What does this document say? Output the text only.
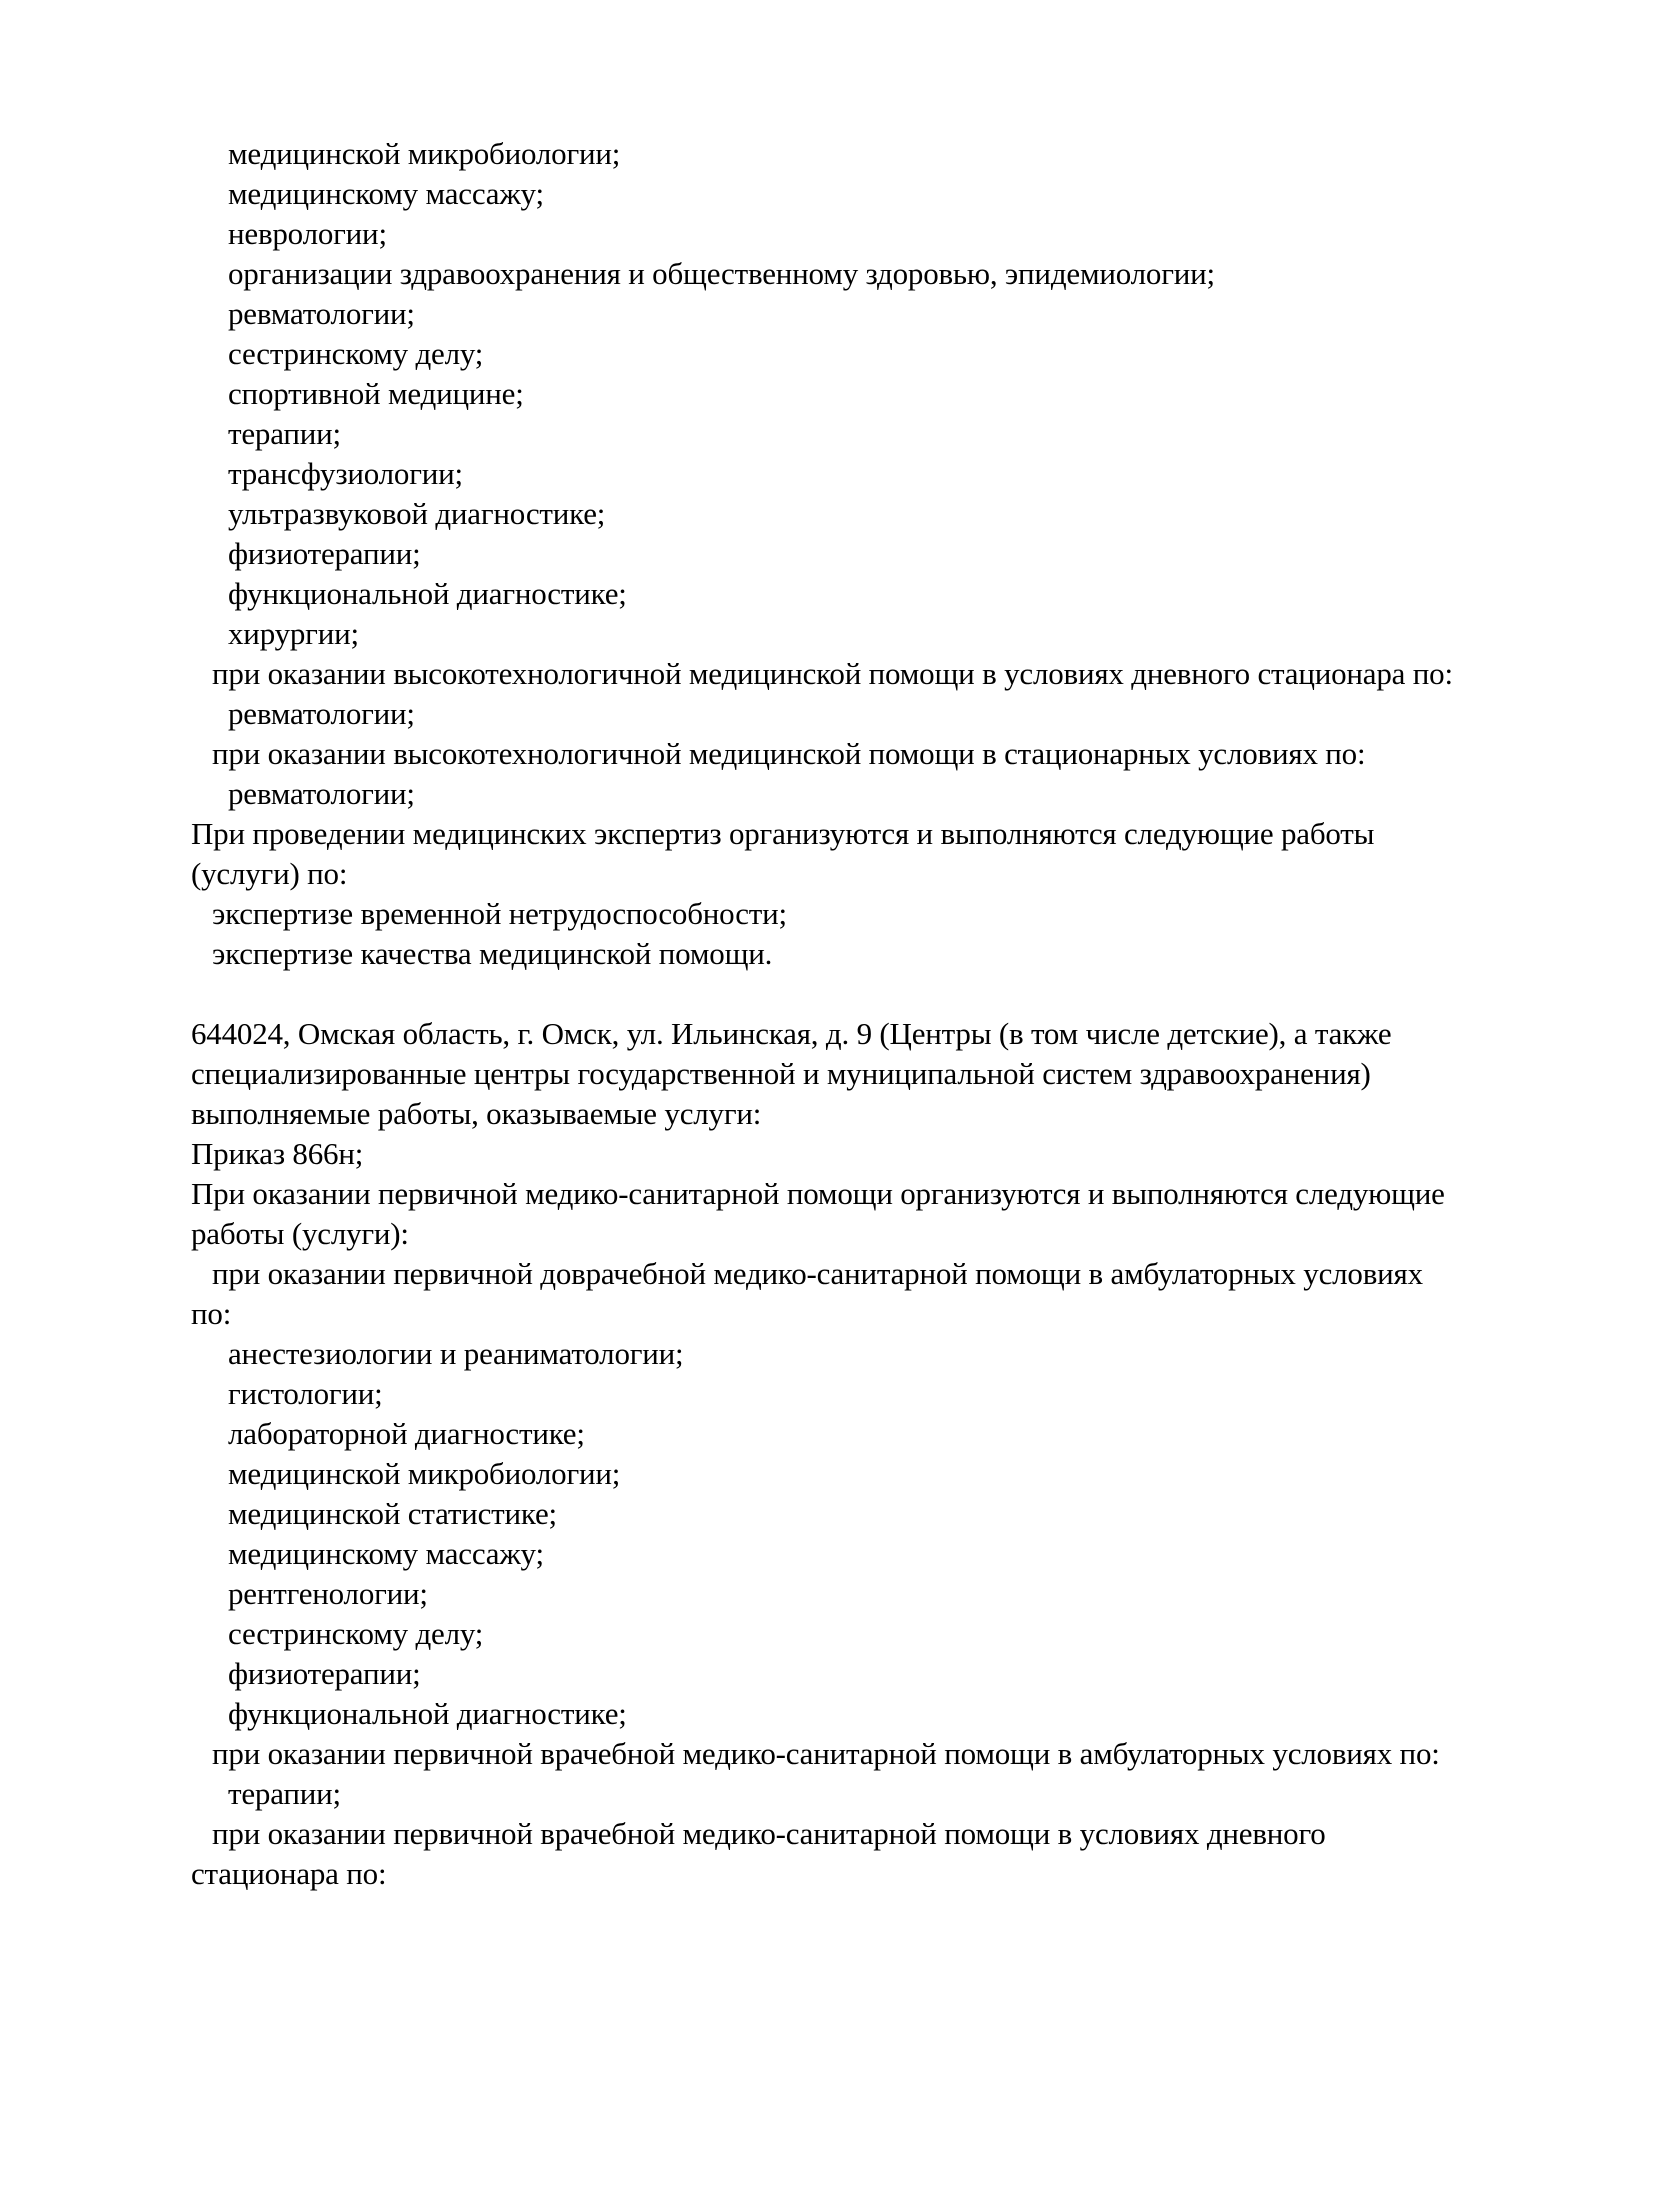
медицинской микробиологии;
медицинскому массажу;
неврологии;
организации здравоохранения и общественному здоровью, эпидемиологии;
ревматологии;
сестринскому делу;
спортивной медицине;
терапии;
трансфузиологии;
ультразвуковой диагностике;
физиотерапии;
функциональной диагностике;
хирургии;
при оказании высокотехнологичной медицинской помощи в условиях дневного стационара по:
ревматологии;
при оказании высокотехнологичной медицинской помощи в стационарных условиях по:
ревматологии;
При проведении медицинских экспертиз организуются и выполняются следующие работы
(услуги) по:
экспертизе временной нетрудоспособности;
экспертизе качества медицинской помощи.
644024, Омская область, г. Омск, ул. Ильинская, д. 9 (Центры (в том числе детские), а также
специализированные центры государственной и муниципальной систем здравоохранения)
выполняемые работы, оказываемые услуги:
Приказ 866н;
При оказании первичной медико-санитарной помощи организуются и выполняются следующие
работы (услуги):
при оказании первичной доврачебной медико-санитарной помощи в амбулаторных условиях
по:
анестезиологии и реаниматологии;
гистологии;
лабораторной диагностике;
медицинской микробиологии;
медицинской статистике;
медицинскому массажу;
рентгенологии;
сестринскому делу;
физиотерапии;
функциональной диагностике;
при оказании первичной врачебной медико-санитарной помощи в амбулаторных условиях по:
терапии;
при оказании первичной врачебной медико-санитарной помощи в условиях дневного
стационара по:
